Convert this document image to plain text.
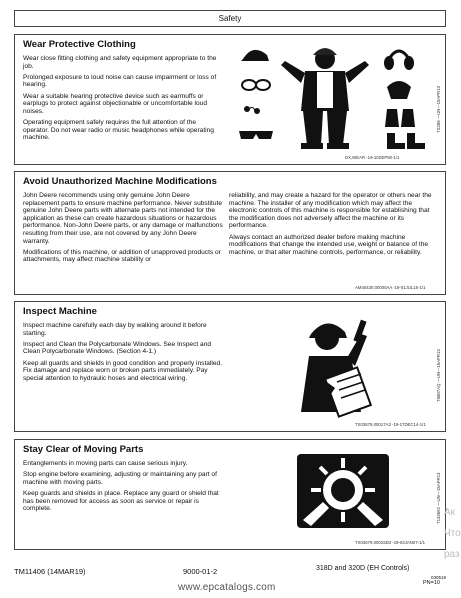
Safety
Wear Protective Clothing

Wear close fitting clothing and safety equipment appropriate to the job.

Prolonged exposure to loud noise can cause impairment or loss of hearing.

Wear a suitable hearing protective device such as earmuffs or earplugs to protect against objectionable or uncomfortable loud noises.

Operating equipment safely requires the full attention of the operator. Do not wear radio or music headphones while operating machine.

DX,WEAR -19-10SEP90-1/1
TS206 —UN—15APR13
Avoid Unauthorized Machine Modifications

John Deere recommends using only genuine John Deere replacement parts to ensure machine performance. Never substitute genuine John Deere parts with alternate parts not intended for the application as these can create hazardous situations or hazardous performance. Non-John Deere parts, or any damage or malfunctions resulting from their use, are not covered by any John Deere warranty.

Modifications of this machine, or addition of unapproved products or attachments, may affect machine stability or

reliability, and may create a hazard for the operator or others near the machine. The installer of any modification which may affect the electronic controls of this machine is responsible for establishing that the modification does not adversely affect the machine or its performance.

Always contact an authorized dealer before making machine modifications that change the intended use, weight or balance of the machine, or that alter machine controls, performance, or reliability.

AM40430,00000AA -19-01JUL15-1/1
Inspect Machine

Inspect machine carefully each day by walking around it before starting.

Inspect and Clean the Polycarbonate Windows. See Inspect and Clean Polycarbonate Windows. (Section 4-1.)

Keep all guards and shields in good condition and properly installed. Fix damage and replace worn or broken parts immediately. Pay special attention to hydraulic hoses and electrical wiring.

TX03679,00017A3 -19-17DEC14-1/1
T6607AQ —UN—15APR13
Stay Clear of Moving Parts

Entanglements in moving parts can cause serious injury.

Stop engine before examining, adjusting or maintaining any part of machine with moving parts.

Keep guards and shields in place. Replace any guard or shield that has been removed for access as soon as service or repair is complete.

TX03679,00015D3 -19-03JAN07-1/1
T133592 —UN—15APR13
TM11406 (14MAR19)	9000-01-2	318D and 320D (EH Controls)
030519
PN=10
www.epcatalogs.com
Ак
Что
раз
